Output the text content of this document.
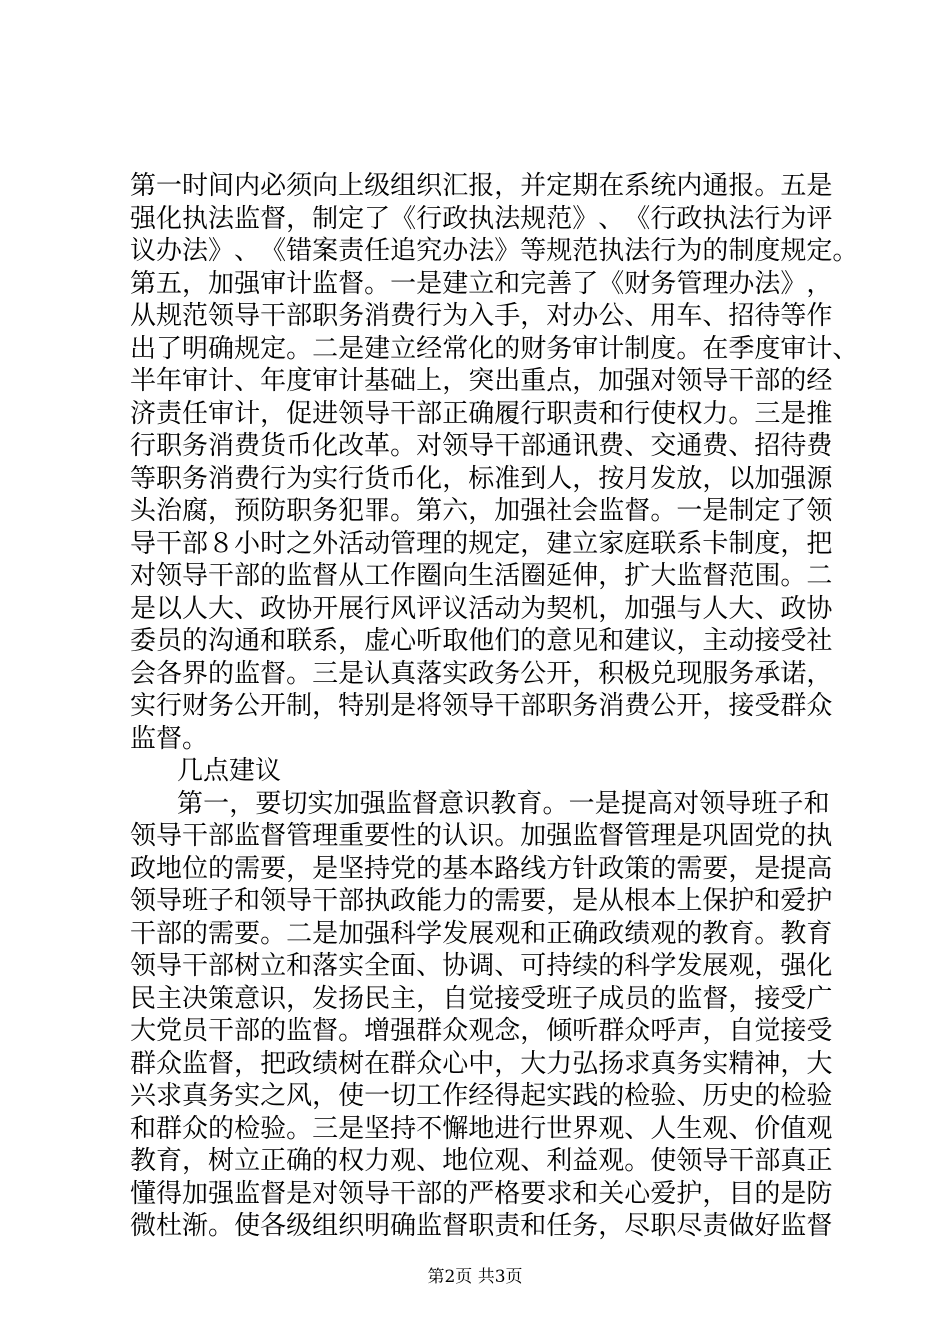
第 一 时 间 内 必 须 向 上 级 组 织 汇 报 ， 并 定 期 在 系 统 内 通 报 。 五 是
强 化 执 法 监 督 ， 制 定 了 《 行 政 执 法 规 范 》 、 《 行 政 执 法 行 为 评
议 办 法 》 、 《 错 案 责 任 追 究 办 法 》 等 规 范 执 法 行 为 的 制 度 规 定 。
第 五 ， 加 强 审 计 监 督 。 一 是 建 立 和 完 善 了 《 财 务 管 理 办 法 》 ，
从 规 范 领 导 干 部 职 务 消 费 行 为 入 手 ， 对 办 公 、 用 车 、 招 待 等 作
出 了 明 确 规 定 。 二 是 建 立 经 常 化 的 财 务 审 计 制 度 。 在 季 度 审 计 、
半 年 审 计 、 年 度 审 计 基 础 上 ， 突 出 重 点 ， 加 强 对 领 导 干 部 的 经
济 责 任 审 计 ， 促 进 领 导 干 部 正 确 履 行 职 责 和 行 使 权 力 。 三 是 推
行 职 务 消 费 货 币 化 改 革 。 对 领 导 干 部 通 讯 费 、 交 通 费 、 招 待 费
等 职 务 消 费 行 为 实 行 货 币 化 ， 标 准 到 人 ， 按 月 发 放 ， 以 加 强 源
头 治 腐 ， 预 防 职 务 犯 罪 。 第 六 ， 加 强 社 会 监 督 。 一 是 制 定 了 领
导 干 部 ８ 小 时 之 外 活 动 管 理 的 规 定 ， 建 立 家 庭 联 系 卡 制 度 ， 把
对 领 导 干 部 的 监 督 从 工 作 圈 向 生 活 圈 延 伸 ， 扩 大 监 督 范 围 。 二
是 以 人 大 、 政 协 开 展 行 风 评 议 活 动 为 契 机 ， 加 强 与 人 大 、 政 协
委 员 的 沟 通 和 联 系 ， 虚 心 听 取 他 们 的 意 见 和 建 议 ， 主 动 接 受 社
会 各 界 的 监 督 。 三 是 认 真 落 实 政 务 公 开 ， 积 极 兑 现 服 务 承 诺 ，
实 行 财 务 公 开 制 ， 特 别 是 将 领 导 干 部 职 务 消 费 公 开 ， 接 受 群 众
监督。
几点建议
第 一 ， 要 切 实 加 强 监 督 意 识 教 育 。 一 是 提 高 对 领 导 班 子 和
领 导 干 部 监 督 管 理 重 要 性 的 认 识 。 加 强 监 督 管 理 是 巩 固 党 的 执
政 地 位 的 需 要 ， 是 坚 持 党 的 基 本 路 线 方 针 政 策 的 需 要 ， 是 提 高
领 导 班 子 和 领 导 干 部 执 政 能 力 的 需 要 ， 是 从 根 本 上 保 护 和 爱 护
干 部 的 需 要 。 二 是 加 强 科 学 发 展 观 和 正 确 政 绩 观 的 教 育 。 教 育
领 导 干 部 树 立 和 落 实 全 面 、 协 调 、 可 持 续 的 科 学 发 展 观 ， 强 化
民 主 决 策 意 识 ， 发 扬 民 主 ， 自 觉 接 受 班 子 成 员 的 监 督 ， 接 受 广
大 党 员 干 部 的 监 督 。 增 强 群 众 观 念 ， 倾 听 群 众 呼 声 ， 自 觉 接 受
群 众 监 督 ， 把 政 绩 树 在 群 众 心 中 ， 大 力 弘 扬 求 真 务 实 精 神 ， 大
兴 求 真 务 实 之 风 ， 使 一 切 工 作 经 得 起 实 践 的 检 验 、 历 史 的 检 验
和 群 众 的 检 验 。 三 是 坚 持 不 懈 地 进 行 世 界 观 、 人 生 观 、 价 值 观
教 育 ， 树 立 正 确 的 权 力 观 、 地 位 观 、 利 益 观 。 使 领 导 干 部 真 正
懂 得 加 强 监 督 是 对 领 导 干 部 的 严 格 要 求 和 关 心 爱 护 ， 目 的 是 防
微 杜 渐 。 使 各 级 组 织 明 确 监 督 职 责 和 任 务 ， 尽 职 尽 责 做 好 监 督
第2页 共3页
